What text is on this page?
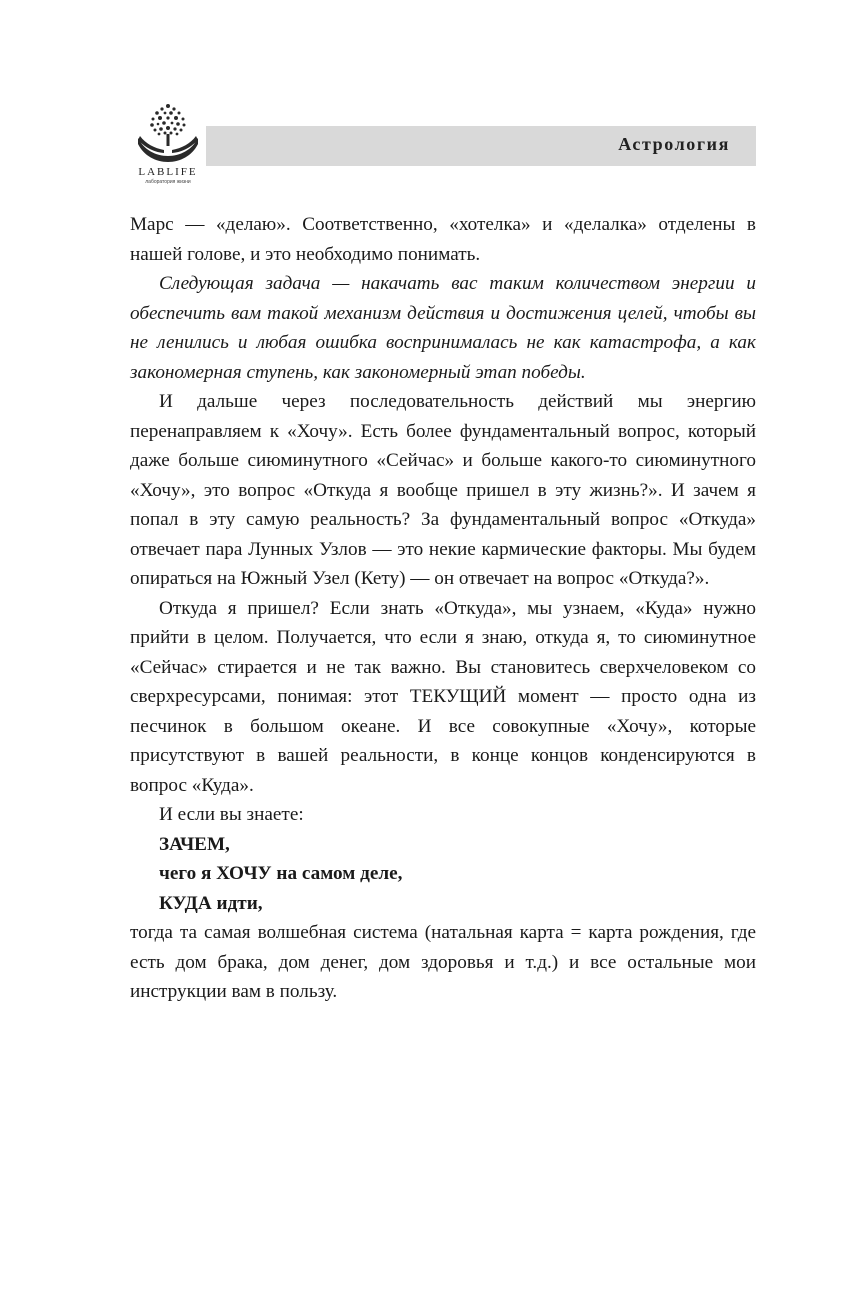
LABLIFE
лаборатория жизни
Астрология

Марс — «делаю». Соответственно, «хотелка» и «делалка» отделены в нашей голове, и это необходимо понимать.

Следующая задача — накачать вас таким количеством энергии и обеспечить вам такой механизм действия и достижения целей, чтобы вы не ленились и любая ошибка воспринималась не как катастрофа, а как закономерная ступень, как закономерный этап победы.

И дальше через последовательность действий мы энергию перенаправляем к «Хочу». Есть более фундаментальный вопрос, который даже больше сиюминутного «Сейчас» и больше какого-то сиюминутного «Хочу», это вопрос «Откуда я вообще пришел в эту жизнь?». И зачем я попал в эту самую реальность? За фундаментальный вопрос «Откуда» отвечает пара Лунных Узлов — это некие кармические факторы. Мы будем опираться на Южный Узел (Кету) — он отвечает на вопрос «Откуда?».

Откуда я пришел? Если знать «Откуда», мы узнаем, «Куда» нужно прийти в целом. Получается, что если я знаю, откуда я, то сиюминутное «Сейчас» стирается и не так важно. Вы становитесь сверхчеловеком со сверхресурсами, понимая: этот ТЕКУЩИЙ момент — просто одна из песчинок в большом океане. И все совокупные «Хочу», которые присутствуют в вашей реальности, в конце концов конденсируются в вопрос «Куда».

И если вы знаете:

ЗАЧЕМ,

чего я ХОЧУ на самом деле,

КУДА идти,

тогда та самая волшебная система (натальная карта = карта рождения, где есть дом брака, дом денег, дом здоровья и т.д.) и все остальные мои инструкции вам в пользу.
